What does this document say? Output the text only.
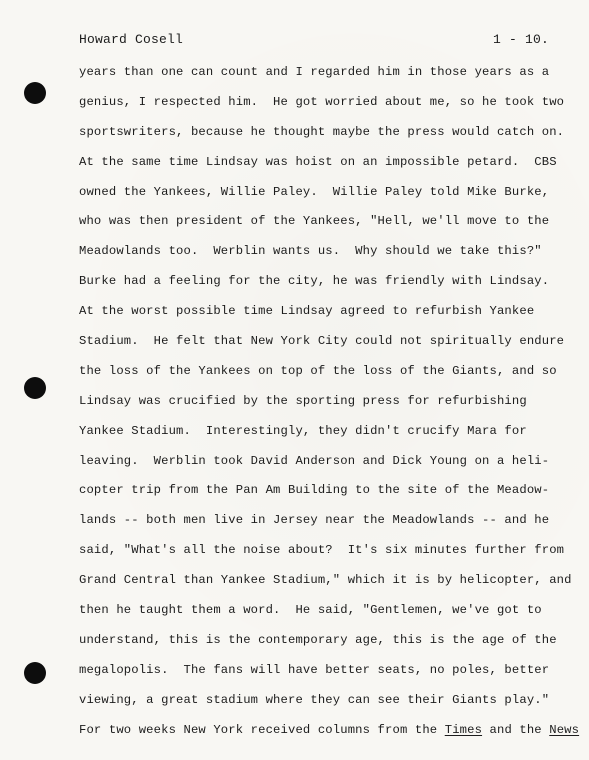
Howard Cosell	1 - 10.
years than one can count and I regarded him in those years as a
genius, I respected him.  He got worried about me, so he took two
sportswriters, because he thought maybe the press would catch on.
At the same time Lindsay was hoist on an impossible petard.  CBS
owned the Yankees, Willie Paley.  Willie Paley told Mike Burke,
who was then president of the Yankees, "Hell, we'll move to the
Meadowlands too.  Werblin wants us.  Why should we take this?"
Burke had a feeling for the city, he was friendly with Lindsay.
At the worst possible time Lindsay agreed to refurbish Yankee
Stadium.  He felt that New York City could not spiritually endure
the loss of the Yankees on top of the loss of the Giants, and so
Lindsay was crucified by the sporting press for refurbishing
Yankee Stadium.  Interestingly, they didn't crucify Mara for
leaving.  Werblin took David Anderson and Dick Young on a heli-
copter trip from the Pan Am Building to the site of the Meadow-
lands -- both men live in Jersey near the Meadowlands -- and he
said, "What's all the noise about?  It's six minutes further from
Grand Central than Yankee Stadium," which it is by helicopter, and
then he taught them a word.  He said, "Gentlemen, we've got to
understand, this is the contemporary age, this is the age of the
megalopolis.  The fans will have better seats, no poles, better
viewing, a great stadium where they can see their Giants play."
For two weeks New York received columns from the Times and the News
